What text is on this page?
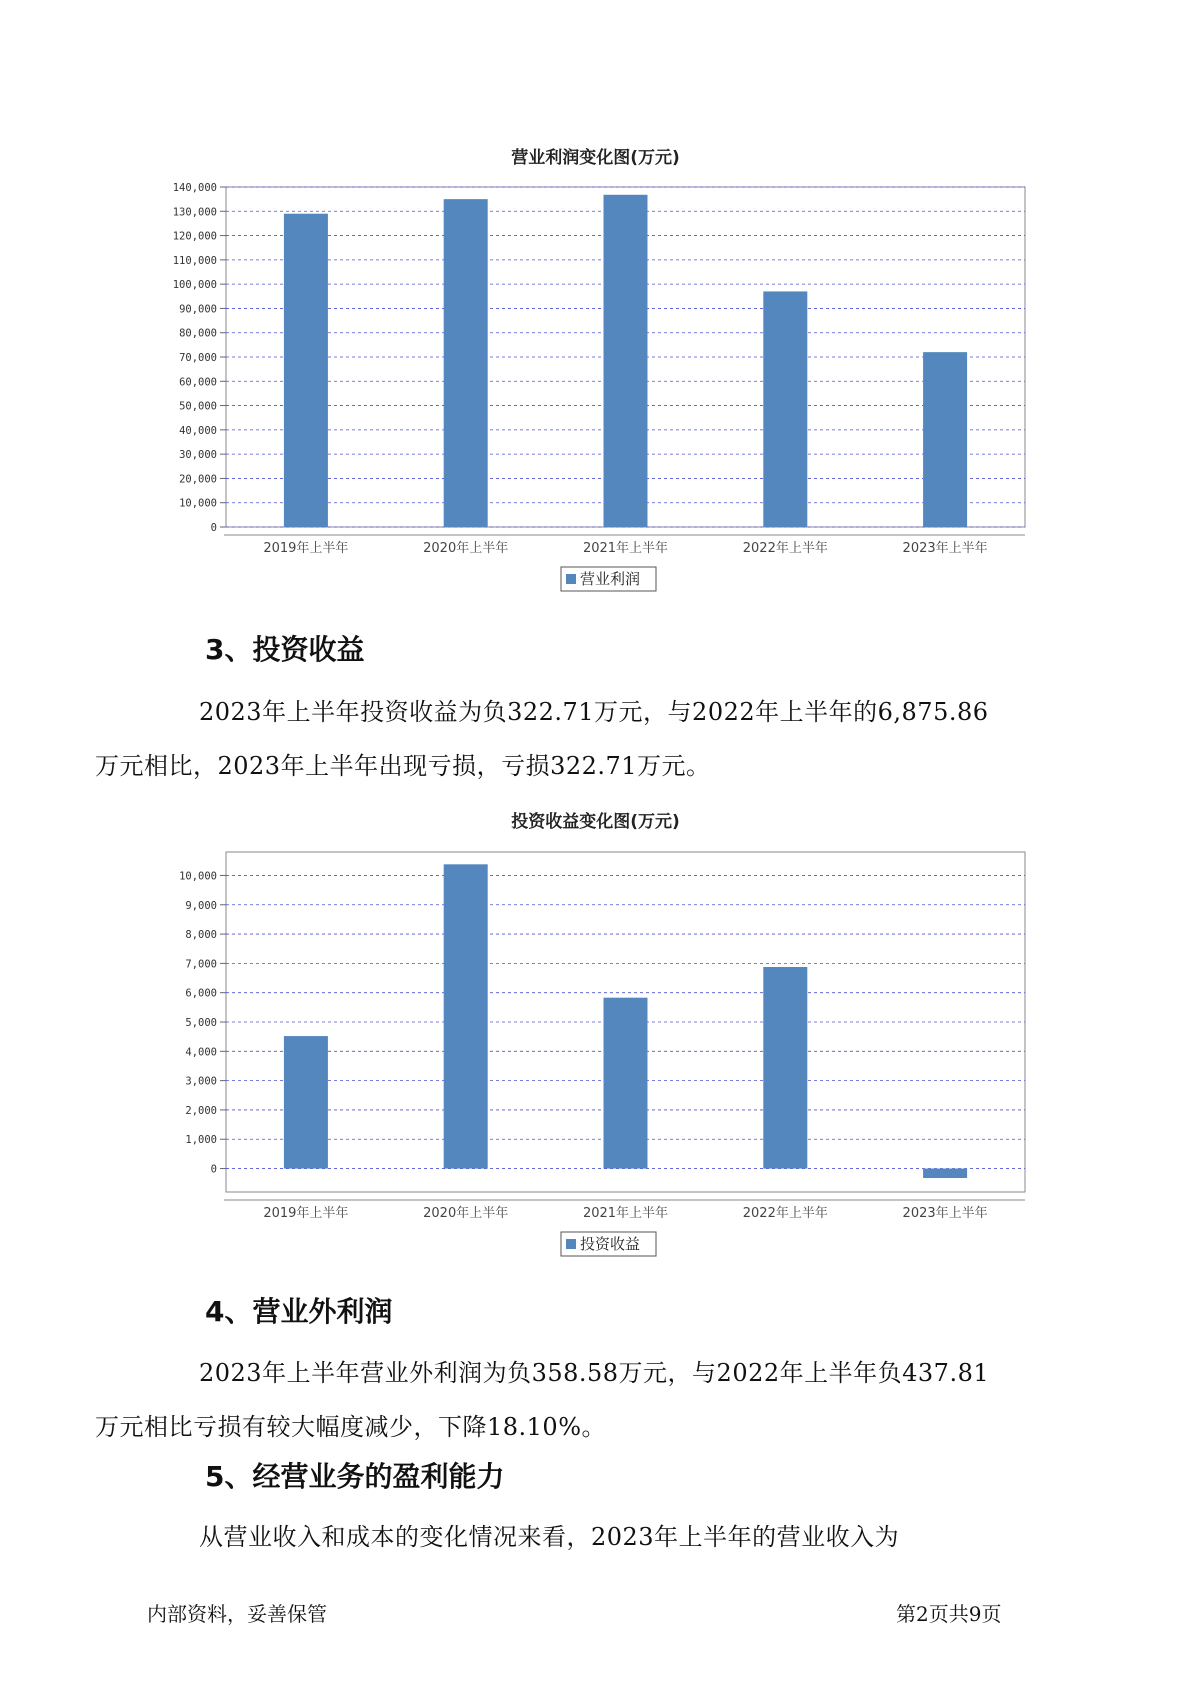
营业利润变化图(万元)
0
10,000
20,000
30,000
40,000
50,000
60,000
70,000
80,000
90,000
100,000
110,000
120,000
130,000
140,000
2019年上半年	2020年上半年	2021年上半年	2022年上半年	2023年上半年
营业利润
3、投资收益

2023年上半年投资收益为负322.71万元，与2022年上半年的6,875.86
万元相比，2023年上半年出现亏损，亏损322.71万元。

投资收益变化图(万元)
0
1,000
2,000
3,000
4,000
5,000
6,000
7,000
8,000
9,000
10,000
2019年上半年	2020年上半年	2021年上半年	2022年上半年	2023年上半年
投资收益
4、营业外利润

2023年上半年营业外利润为负358.58万元，与2022年上半年负437.81
万元相比亏损有较大幅度减少，下降18.10%。

5、经营业务的盈利能力

从营业收入和成本的变化情况来看，2023年上半年的营业收入为

内部资料，妥善保管	第2页共9页
